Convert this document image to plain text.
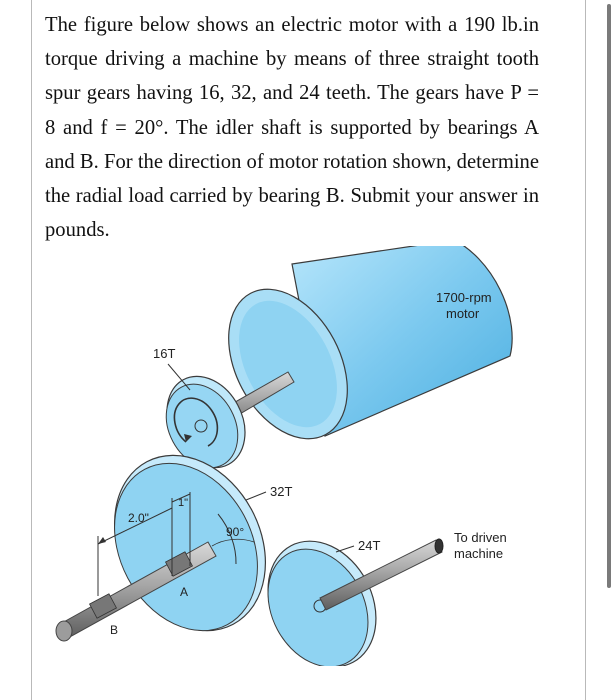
The figure below shows an electric motor with a 190 lb.in torque driving a machine by means of three straight tooth spur gears having 16, 32, and 24 teeth. The gears have P = 8 and f = 20°. The idler shaft is supported by bearings A and B. For the direction of motor rotation shown, determine the radial load carried by bearing B. Submit your answer in pounds.

1700-rpm
motor
16T
32T
90°
A
B
2.0"
1"
24T
To driven
machine
